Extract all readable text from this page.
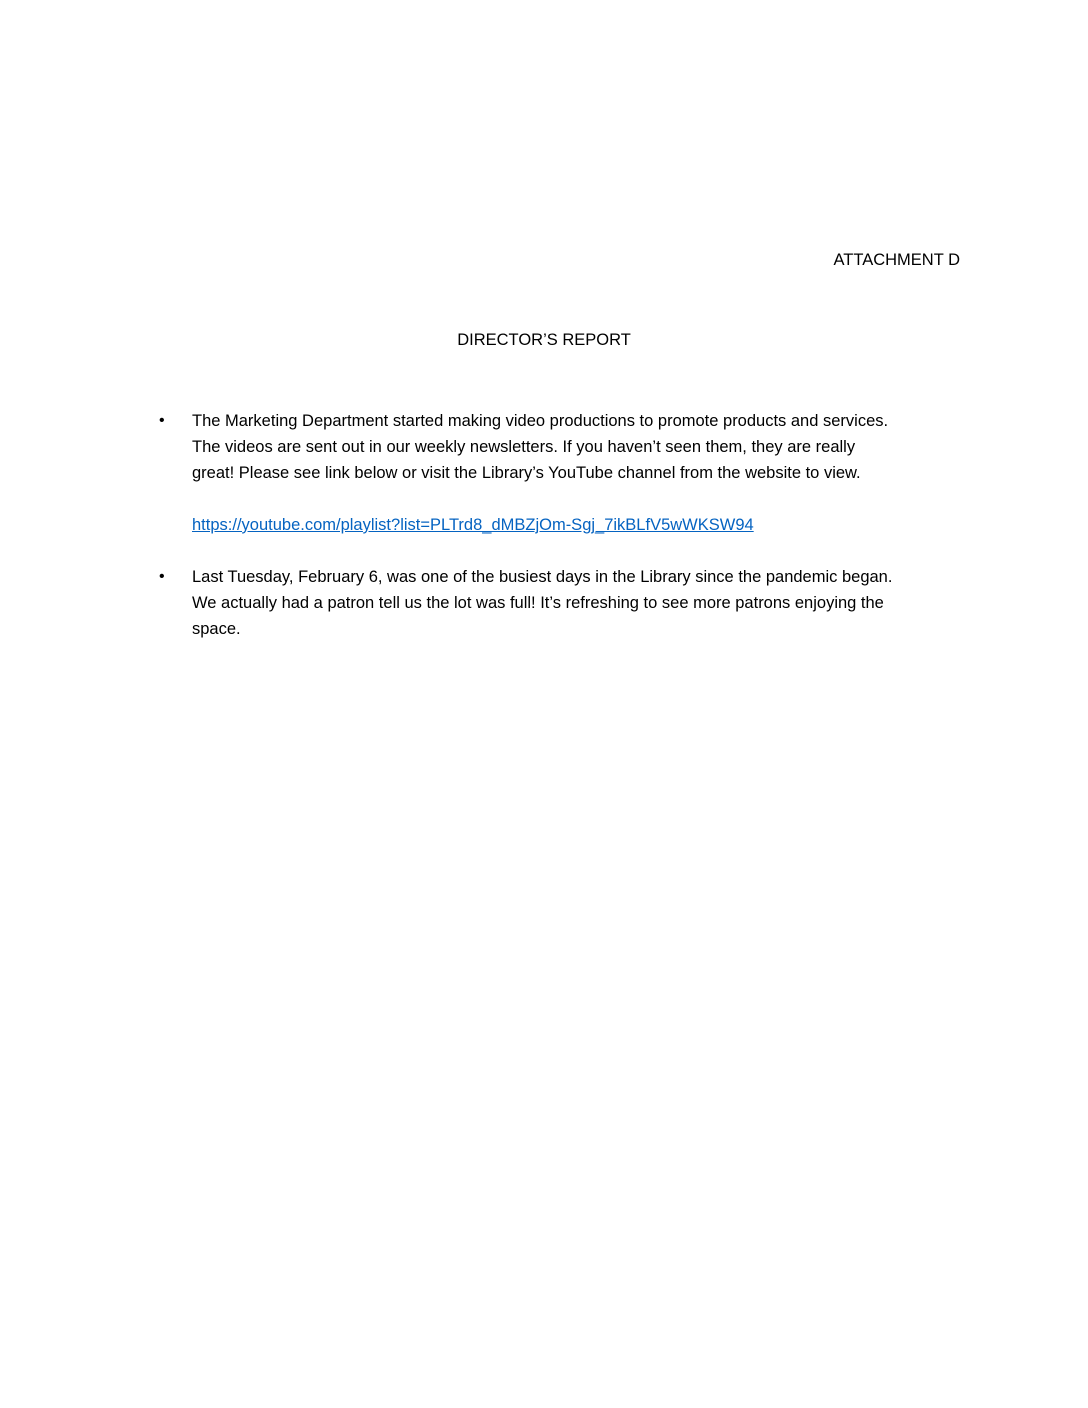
ATTACHMENT D
DIRECTOR’S REPORT
•	The Marketing Department started making video productions to promote products and services.
The videos are sent out in our weekly newsletters. If you haven’t seen them, they are really
great! Please see link below or visit the Library’s YouTube channel from the website to view.

https://youtube.com/playlist?list=PLTrd8_dMBZjOm-Sgj_7ikBLfV5wWKSW94
•	Last Tuesday, February 6, was one of the busiest days in the Library since the pandemic began.
We actually had a patron tell us the lot was full! It’s refreshing to see more patrons enjoying the
space.
